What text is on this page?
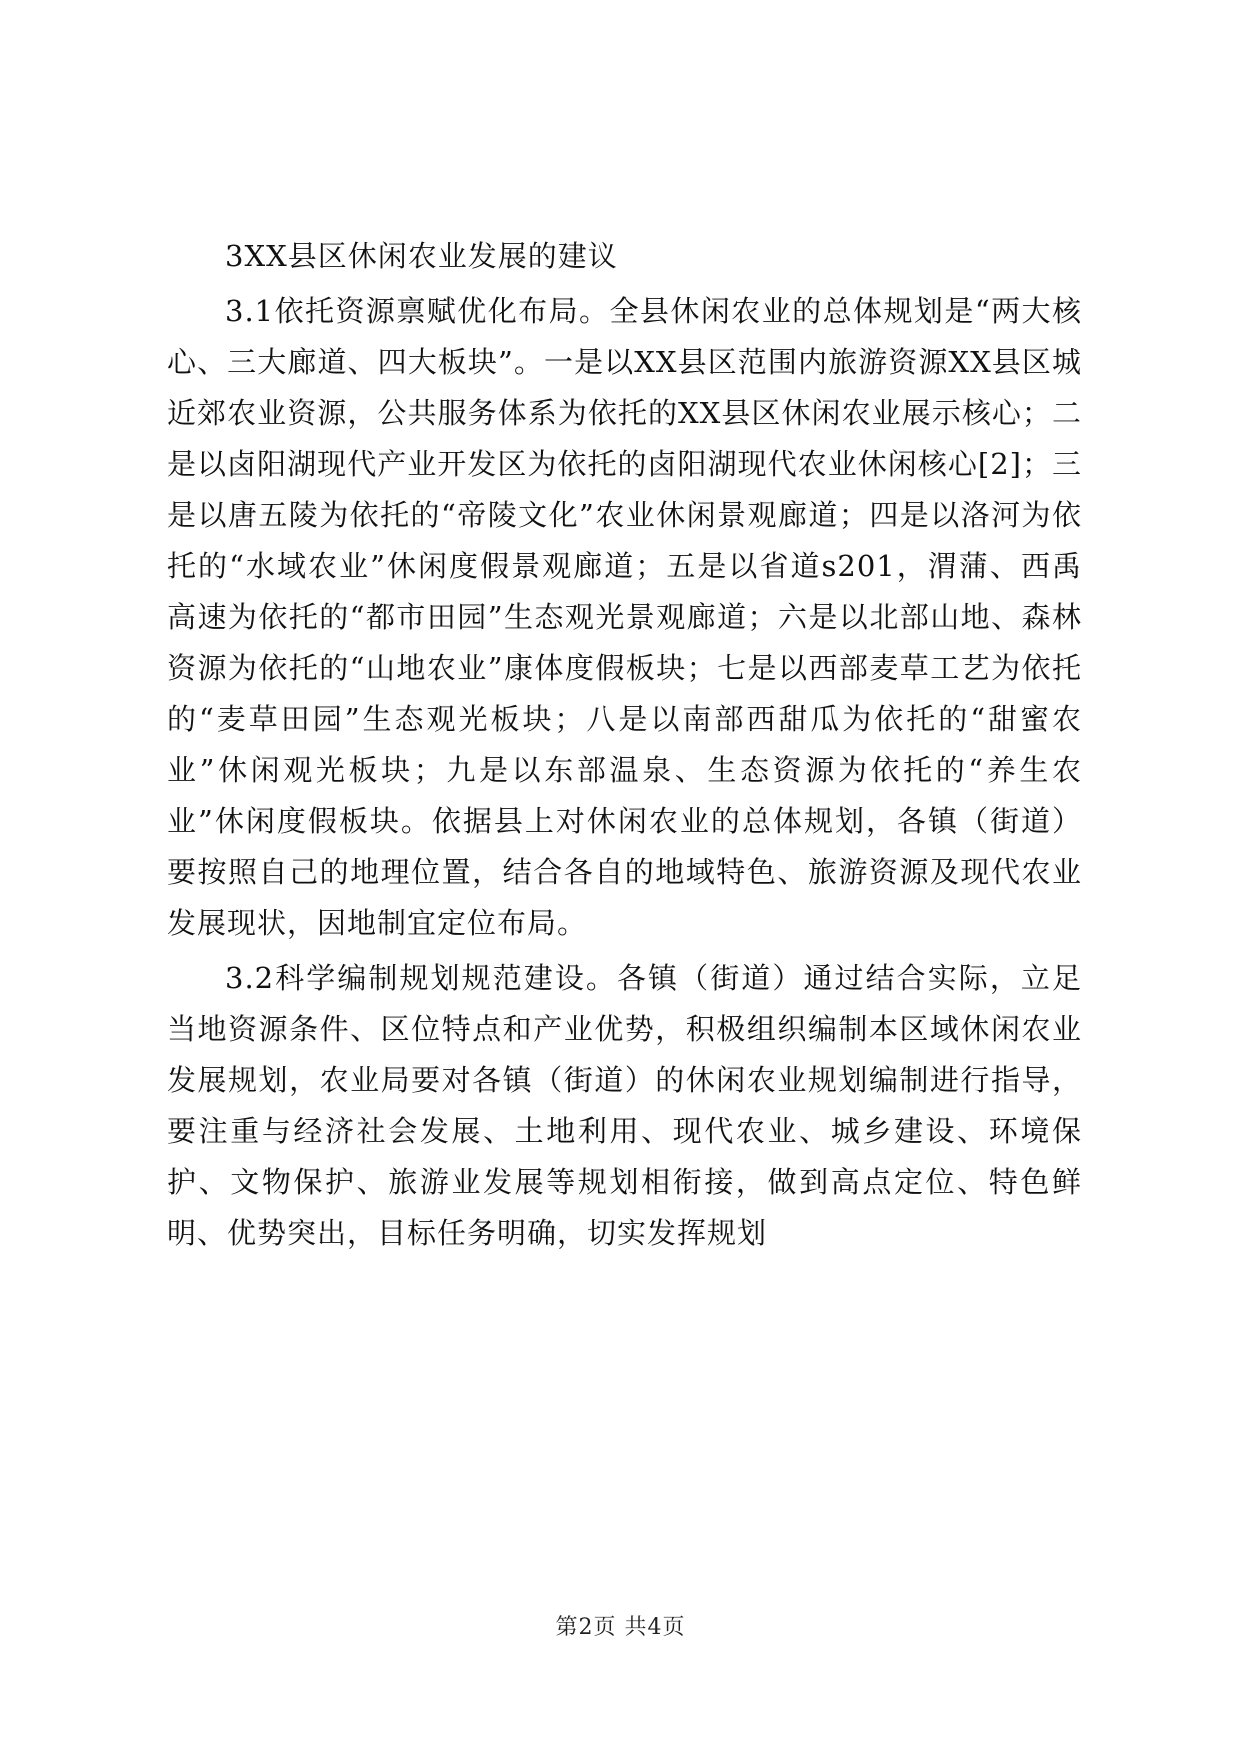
3XX县区休闲农业发展的建议

3.1依托资源禀赋优化布局。全县休闲农业的总体规划是“两大核心、三大廊道、四大板块”。一是以XX县区范围内旅游资源XX县区城近郊农业资源，公共服务体系为依托的XX县区休闲农业展示核心；二是以卤阳湖现代产业开发区为依托的卤阳湖现代农业休闲核心[2]；三是以唐五陵为依托的“帝陵文化”农业休闲景观廊道；四是以洛河为依托的“水域农业”休闲度假景观廊道；五是以省道s201，渭蒲、西禹高速为依托的“都市田园”生态观光景观廊道；六是以北部山地、森林资源为依托的“山地农业”康体度假板块；七是以西部麦草工艺为依托的“麦草田园”生态观光板块；八是以南部西甜瓜为依托的“甜蜜农业”休闲观光板块；九是以东部温泉、生态资源为依托的“养生农业”休闲度假板块。依据县上对休闲农业的总体规划，各镇（街道）要按照自己的地理位置，结合各自的地域特色、旅游资源及现代农业发展现状，因地制宜定位布局。

3.2科学编制规划规范建设。各镇（街道）通过结合实际，立足当地资源条件、区位特点和产业优势，积极组织编制本区域休闲农业发展规划，农业局要对各镇（街道）的休闲农业规划编制进行指导，要注重与经济社会发展、土地利用、现代农业、城乡建设、环境保护、文物保护、旅游业发展等规划相衔接，做到高点定位、特色鲜明、优势突出，目标任务明确，切实发挥规划

第2页 共4页
